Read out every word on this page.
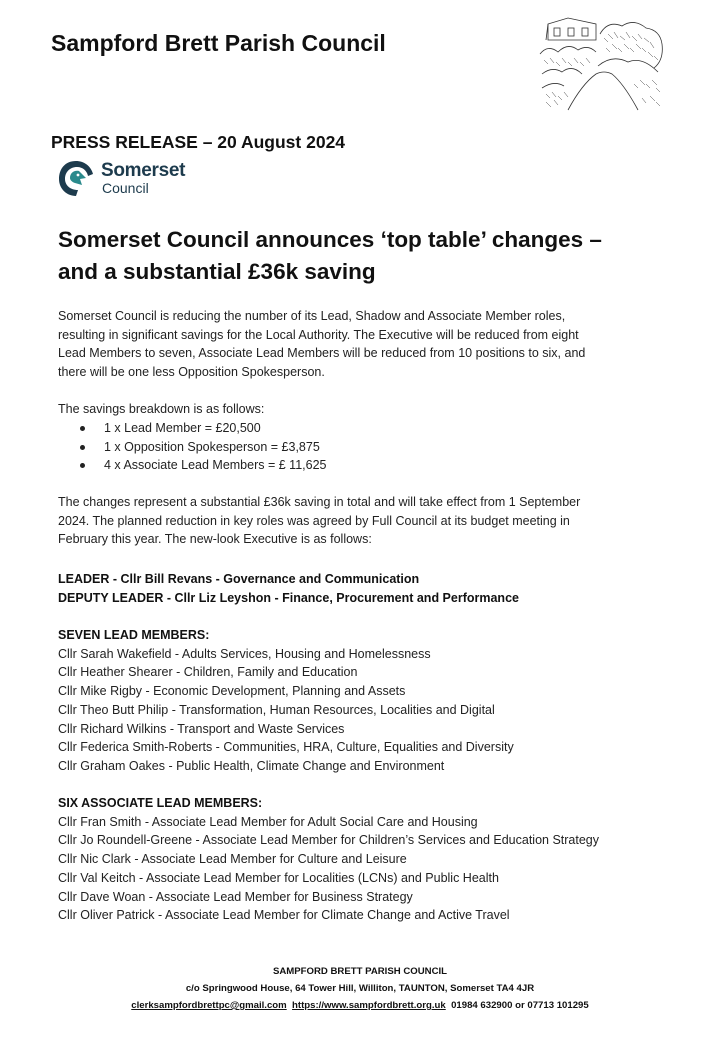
Sampford Brett Parish Council
PRESS RELEASE – 20 August 2024
Somerset
Council
Somerset Council announces ‘top table’ changes –
and a substantial £36k saving

Somerset Council is reducing the number of its Lead, Shadow and Associate Member roles,
resulting in significant savings for the Local Authority. The Executive will be reduced from eight
Lead Members to seven, Associate Lead Members will be reduced from 10 positions to six, and
there will be one less Opposition Spokesperson.

The savings breakdown is as follows:

1 x Lead Member = £20,500
1 x Opposition Spokesperson = £3,875
4 x Associate Lead Members = £ 11,625

The changes represent a substantial £36k saving in total and will take effect from 1 September
2024. The planned reduction in key roles was agreed by Full Council at its budget meeting in
February this year. The new-look Executive is as follows:

LEADER - Cllr Bill Revans - Governance and Communication
DEPUTY LEADER - Cllr Liz Leyshon - Finance, Procurement and Performance
SEVEN LEAD MEMBERS:
Cllr Sarah Wakefield - Adults Services, Housing and Homelessness
Cllr Heather Shearer - Children, Family and Education
Cllr Mike Rigby - Economic Development, Planning and Assets
Cllr Theo Butt Philip - Transformation, Human Resources, Localities and Digital
Cllr Richard Wilkins - Transport and Waste Services
Cllr Federica Smith-Roberts - Communities, HRA, Culture, Equalities and Diversity
Cllr Graham Oakes - Public Health, Climate Change and Environment
SIX ASSOCIATE LEAD MEMBERS:
Cllr Fran Smith - Associate Lead Member for Adult Social Care and Housing
Cllr Jo Roundell-Greene - Associate Lead Member for Children’s Services and Education Strategy
Cllr Nic Clark - Associate Lead Member for Culture and Leisure
Cllr Val Keitch - Associate Lead Member for Localities (LCNs) and Public Health
Cllr Dave Woan - Associate Lead Member for Business Strategy
Cllr Oliver Patrick - Associate Lead Member for Climate Change and Active Travel
SAMPFORD BRETT PARISH COUNCIL
c/o Springwood House, 64 Tower Hill, Williton, TAUNTON, Somerset TA4 4JR
clerksampfordbrettpc@gmail.com https://www.sampfordbrett.org.uk 01984 632900 or 07713 101295
